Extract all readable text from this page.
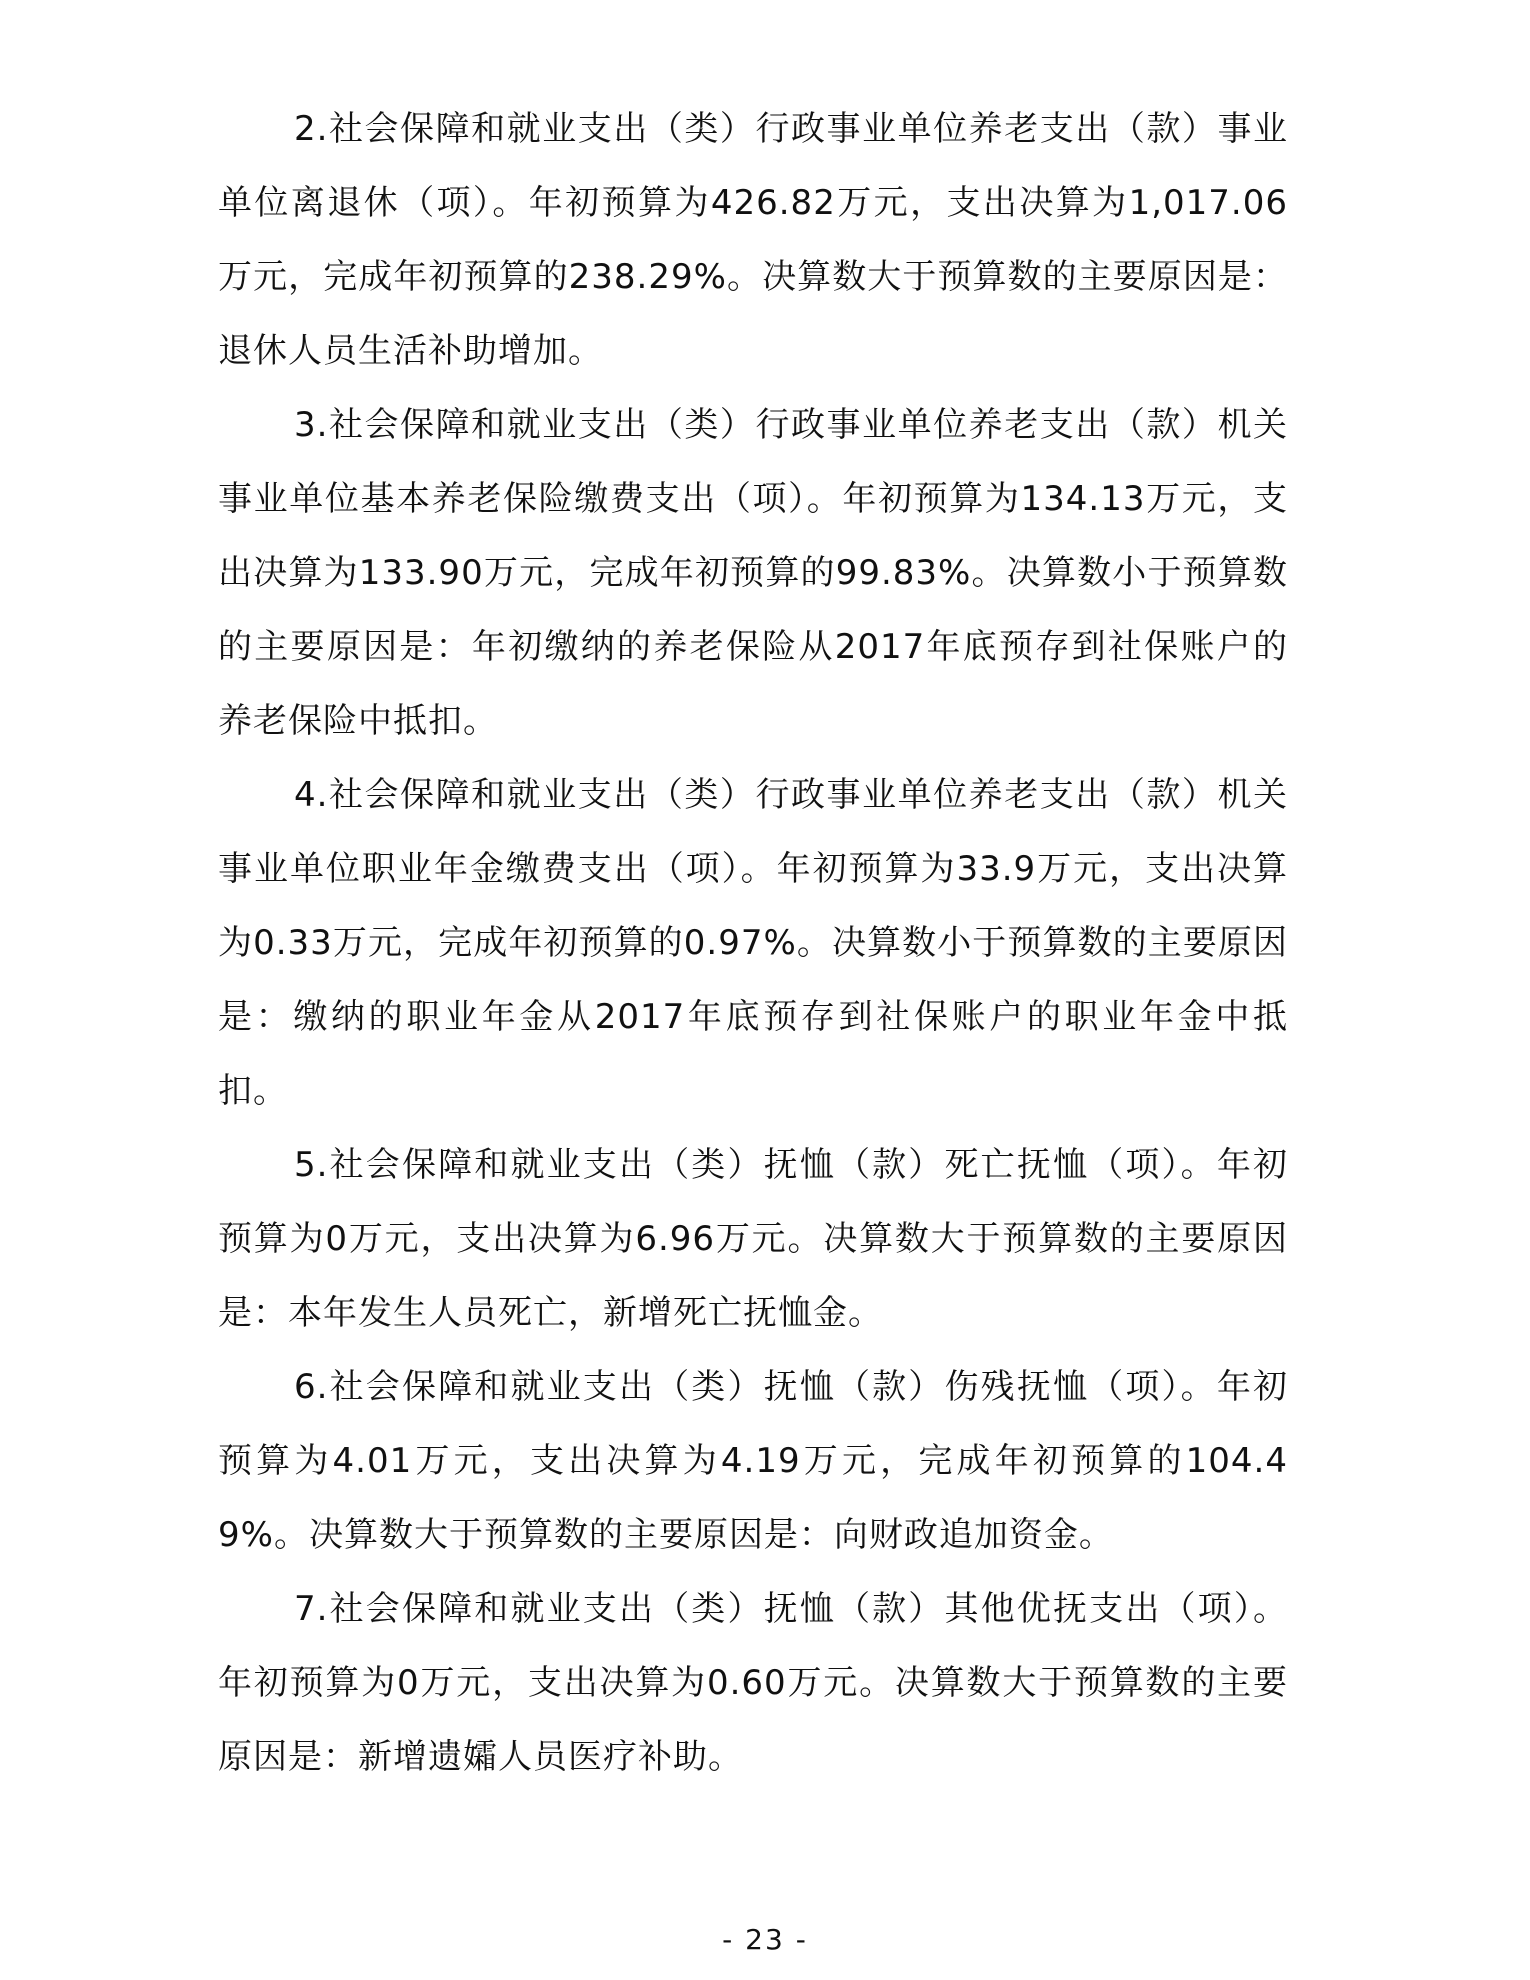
2.社会保障和就业支出（类）行政事业单位养老支出（款）事业单位离退休（项）。年初预算为426.82万元，支出决算为1,017.06万元，完成年初预算的238.29%。决算数大于预算数的主要原因是：退休人员生活补助增加。

3.社会保障和就业支出（类）行政事业单位养老支出（款）机关事业单位基本养老保险缴费支出（项）。年初预算为134.13万元，支出决算为133.90万元，完成年初预算的99.83%。决算数小于预算数的主要原因是：年初缴纳的养老保险从2017年底预存到社保账户的养老保险中抵扣。

4.社会保障和就业支出（类）行政事业单位养老支出（款）机关事业单位职业年金缴费支出（项）。年初预算为33.9万元，支出决算为0.33万元，完成年初预算的0.97%。决算数小于预算数的主要原因是：缴纳的职业年金从2017年底预存到社保账户的职业年金中抵扣。

5.社会保障和就业支出（类）抚恤（款）死亡抚恤（项）。年初预算为0万元，支出决算为6.96万元。决算数大于预算数的主要原因是：本年发生人员死亡，新增死亡抚恤金。

6.社会保障和就业支出（类）抚恤（款）伤残抚恤（项）。年初预算为4.01万元，支出决算为4.19万元，完成年初预算的104.49%。决算数大于预算数的主要原因是：向财政追加资金。

7.社会保障和就业支出（类）抚恤（款）其他优抚支出（项）。年初预算为0万元，支出决算为0.60万元。决算数大于预算数的主要原因是：新增遗孀人员医疗补助。

- 23 -
